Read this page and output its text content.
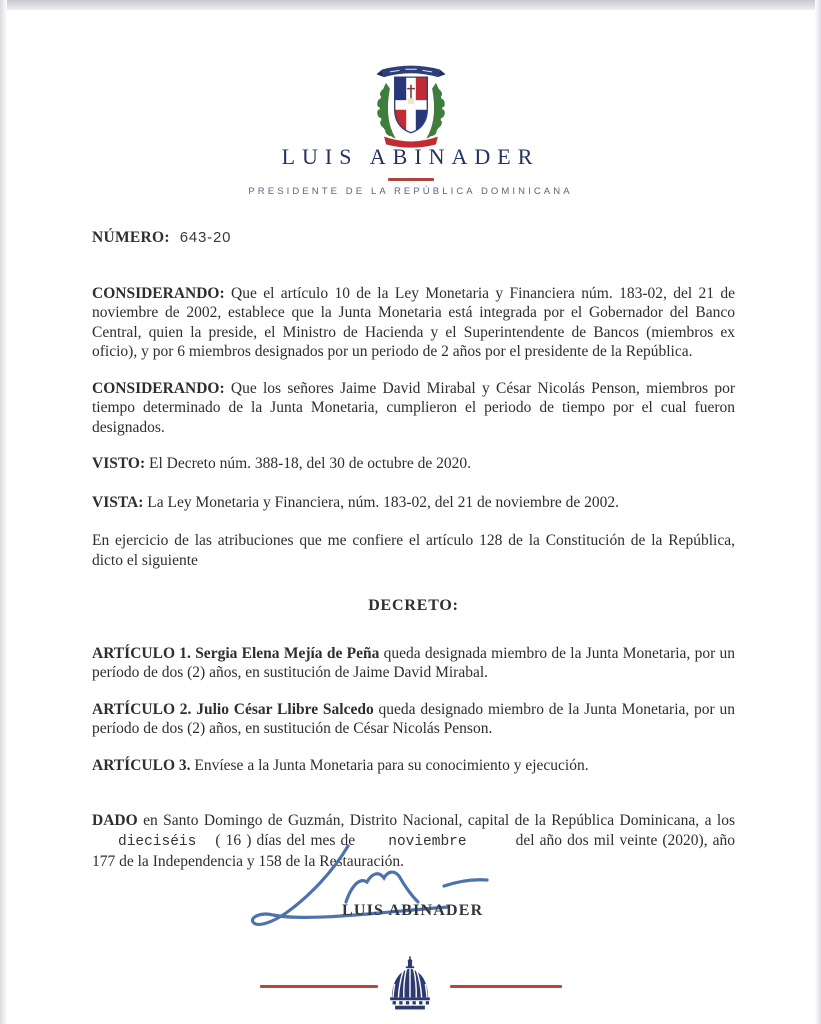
LUIS ABINADER
PRESIDENTE DE LA REPÚBLICA DOMINICANA
NÚMERO: 643-20

CONSIDERANDO: Que el artículo 10 de la Ley Monetaria y Financiera núm. 183-02, del 21 de noviembre de 2002, establece que la Junta Monetaria está integrada por el Gobernador del Banco Central, quien la preside, el Ministro de Hacienda y el Superintendente de Bancos (miembros ex oficio), y por 6 miembros designados por un periodo de 2 años por el presidente de la República.

CONSIDERANDO: Que los señores Jaime David Mirabal y César Nicolás Penson, miembros por tiempo determinado de la Junta Monetaria, cumplieron el periodo de tiempo por el cual fueron designados.

VISTO: El Decreto núm. 388-18, del 30 de octubre de 2020.

VISTA: La Ley Monetaria y Financiera, núm. 183-02, del 21 de noviembre de 2002.

En ejercicio de las atribuciones que me confiere el artículo 128 de la Constitución de la República, dicto el siguiente

DECRETO:

ARTÍCULO 1. Sergia Elena Mejía de Peña queda designada miembro de la Junta Monetaria, por un período de dos (2) años, en sustitución de Jaime David Mirabal.

ARTÍCULO 2. Julio César Llibre Salcedo queda designado miembro de la Junta Monetaria, por un período de dos (2) años, en sustitución de César Nicolás Penson.

ARTÍCULO 3. Envíese a la Junta Monetaria para su conocimiento y ejecución.

DADO en Santo Domingo de Guzmán, Distrito Nacional, capital de la República Dominicana, a los dieciséis ( 16 ) días del mes de noviembre	del año dos mil veinte (2020), año 177 de la Independencia y 158 de la Restauración.

LUIS ABINADER
